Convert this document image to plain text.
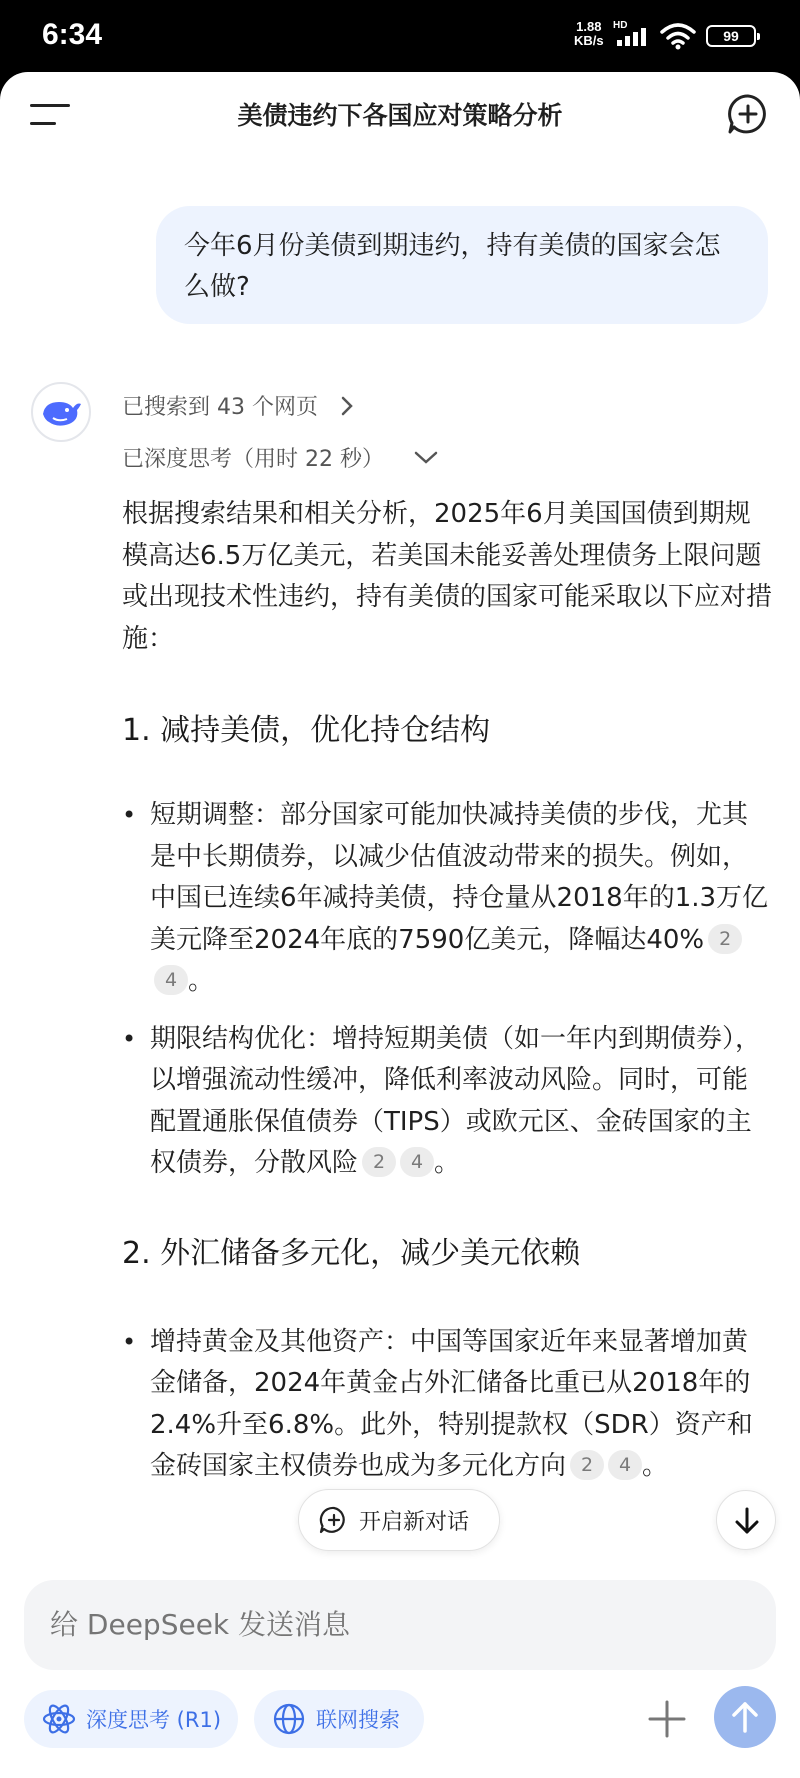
6:34	1.88
KB/s
HD
99
美债违约下各国应对策略分析
今年6月份美债到期违约，持有美债的国家会怎么做?
已搜索到 43 个网页
已深度思考（用时 22 秒）

根据搜索结果和相关分析，2025年6月美国国债到期规模高达6.5万亿美元，若美国未能妥善处理债务上限问题或出现技术性违约，持有美债的国家可能采取以下应对措施：

1. 减持美债，优化持仓结构
• 短期调整：部分国家可能加快减持美债的步伐，尤其是中长期债券，以减少估值波动带来的损失。例如，中国已连续6年减持美债，持仓量从2018年的1.3万亿美元降至2024年底的7590亿美元，降幅达40% 24 。
• 期限结构优化：增持短期美债（如一年内到期债券），以增强流动性缓冲，降低利率波动风险。同时，可能配置通胀保值债券（TIPS）或欧元区、金砖国家的主权债券，分散风险 2 4 。
2. 外汇储备多元化，减少美元依赖
• 增持黄金及其他资产：中国等国家近年来显著增加黄金储备，2024年黄金占外汇储备比重已从2018年的2.4%升至6.8%。此外，特别提款权（SDR）资产和金砖国家主权债券也成为多元化方向 2 4 。
开启新对话
给 DeepSeek 发送消息
深度思考 (R1)	联网搜索
